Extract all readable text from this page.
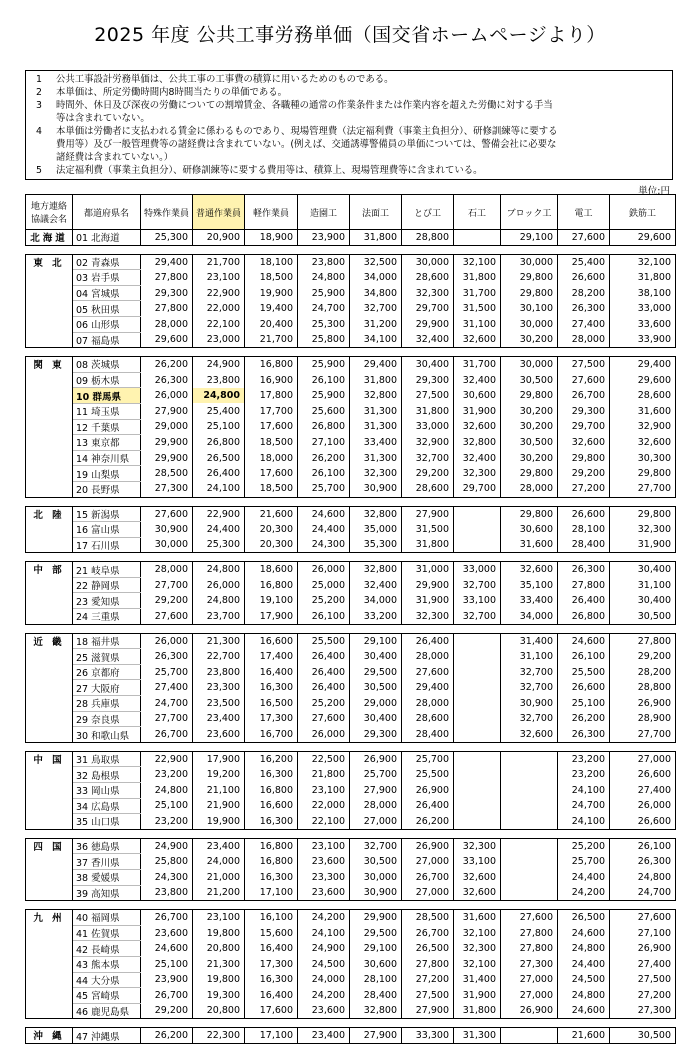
2025 年度 公共工事労務単価（国交省ホームページより）
1	公共工事設計労務単価は、公共工事の工事費の積算に用いるためのものである。
2	本単価は、所定労働時間内8時間当たりの単価である。
3	時間外、休日及び深夜の労働についての割増賃金、各職種の通常の作業条件または作業内容を超えた労働に対する手当
等は含まれていない。
4	本単価は労働者に支払われる賃金に係わるものであり、現場管理費（法定福利費（事業主負担分）、研修訓練等に要する
費用等）及び一般管理費等の諸経費は含まれていない。(例えば、交通誘導警備員の単価については、警備会社に必要な
諸経費は含まれていない。）
5	法定福利費（事業主負担分）、研修訓練等に要する費用等は、積算上、現場管理費等に含まれている。
単位:円
地方連絡
協議会名	都道府県名	特殊作業員	普通作業員	軽作業員	造園工	法面工	とび工	石工	ブロック工	電工	鉄筋工
北海道	01 北海道	25,300	20,900	18,900	23,900	31,800	28,800		29,100	27,600	29,600

東 北	02 青森県	29,400	21,700	18,100	23,800	32,500	30,000	32,100	30,000	25,400	32,100
	03 岩手県	27,800	23,100	18,500	24,800	34,000	28,600	31,800	29,800	26,600	31,800
	04 宮城県	29,300	22,900	19,900	25,900	34,800	32,300	31,700	29,800	28,200	38,100
	05 秋田県	27,800	22,000	19,400	24,700	32,700	29,700	31,500	30,100	26,300	33,000
	06 山形県	28,000	22,100	20,400	25,300	31,200	29,900	31,100	30,000	27,400	33,600
	07 福島県	29,600	23,000	21,700	25,800	34,100	32,400	32,600	30,200	28,000	33,900

関 東	08 茨城県	26,200	24,900	16,800	25,900	29,400	30,400	31,700	30,000	27,500	29,400
	09 栃木県	26,300	23,800	16,900	26,100	31,800	29,300	32,400	30,500	27,600	29,600
	10 群馬県	26,000	24,800	17,800	25,900	32,800	27,500	30,600	29,800	26,700	28,600
	11 埼玉県	27,900	25,400	17,700	25,600	31,300	31,800	31,900	30,200	29,300	31,600
	12 千葉県	29,000	25,100	17,600	26,800	31,300	33,000	32,600	30,200	29,700	32,900
	13 東京都	29,900	26,800	18,500	27,100	33,400	32,900	32,800	30,500	32,600	32,600
	14 神奈川県	29,900	26,500	18,000	26,200	31,300	32,700	32,400	30,200	29,800	30,300
	19 山梨県	28,500	26,400	17,600	26,100	32,300	29,200	32,300	29,800	29,200	29,800
	20 長野県	27,300	24,100	18,500	25,700	30,900	28,600	29,700	28,000	27,200	27,700

北 陸	15 新潟県	27,600	22,900	21,600	24,600	32,800	27,900		29,800	26,600	29,800
	16 富山県	30,900	24,400	20,300	24,400	35,000	31,500		30,600	28,100	32,300
	17 石川県	30,000	25,300	20,300	24,300	35,300	31,800		31,600	28,400	31,900

中 部	21 岐阜県	28,000	24,800	18,600	26,000	32,800	31,000	33,000	32,600	26,300	30,400
	22 静岡県	27,700	26,000	16,800	25,000	32,400	29,900	32,700	35,100	27,800	31,100
	23 愛知県	29,200	24,800	19,100	25,200	34,000	31,900	33,100	33,400	26,400	30,400
	24 三重県	27,600	23,700	17,900	26,100	33,200	32,300	32,700	34,000	26,800	30,500

近 畿	18 福井県	26,000	21,300	16,600	25,500	29,100	26,400		31,400	24,600	27,800
	25 滋賀県	26,300	22,700	17,400	26,400	30,400	28,000		31,100	26,100	29,200
	26 京都府	25,700	23,800	16,400	26,400	29,500	27,600		32,700	25,500	28,200
	27 大阪府	27,400	23,300	16,300	26,400	30,500	29,400		32,700	26,600	28,800
	28 兵庫県	24,700	23,500	16,500	25,200	29,000	28,000		30,900	25,100	26,900
	29 奈良県	27,700	23,400	17,300	27,600	30,400	28,600		32,700	26,200	28,900
	30 和歌山県	26,700	23,600	16,700	26,000	29,300	28,400		32,600	26,300	27,700

中 国	31 鳥取県	22,900	17,900	16,200	22,500	26,900	25,700			23,200	27,000
	32 島根県	23,200	19,200	16,300	21,800	25,700	25,500			23,200	26,600
	33 岡山県	24,800	21,100	16,800	23,100	27,900	26,900			24,100	27,400
	34 広島県	25,100	21,900	16,600	22,000	28,000	26,400			24,700	26,000
	35 山口県	23,200	19,900	16,300	22,100	27,000	26,200			24,100	26,600

四 国	36 徳島県	24,900	23,400	16,800	23,100	32,700	26,900	32,300		25,200	26,100
	37 香川県	25,800	24,000	16,800	23,600	30,500	27,000	33,100		25,700	26,300
	38 愛媛県	24,300	21,000	16,300	23,300	30,000	26,700	32,600		24,400	24,800
	39 高知県	23,800	21,200	17,100	23,600	30,900	27,000	32,600		24,200	24,700

九 州	40 福岡県	26,700	23,100	16,100	24,200	29,900	28,500	31,600	27,600	26,500	27,600
	41 佐賀県	23,600	19,800	15,600	24,100	29,500	26,700	32,100	27,800	24,600	27,100
	42 長崎県	24,600	20,800	16,400	24,900	29,100	26,500	32,300	27,800	24,800	26,900
	43 熊本県	25,100	21,300	17,300	24,500	30,600	27,800	32,100	27,300	24,400	27,400
	44 大分県	23,900	19,800	16,300	24,000	28,100	27,200	31,400	27,000	24,500	27,500
	45 宮崎県	26,700	19,300	16,400	24,200	28,400	27,500	31,900	27,000	24,800	27,200
	46 鹿児島県	29,200	20,800	17,600	23,600	32,800	27,900	31,800	26,900	24,600	27,300

沖 縄	47 沖縄県	26,200	22,300	17,100	23,400	27,900	33,300	31,300		21,600	30,500
